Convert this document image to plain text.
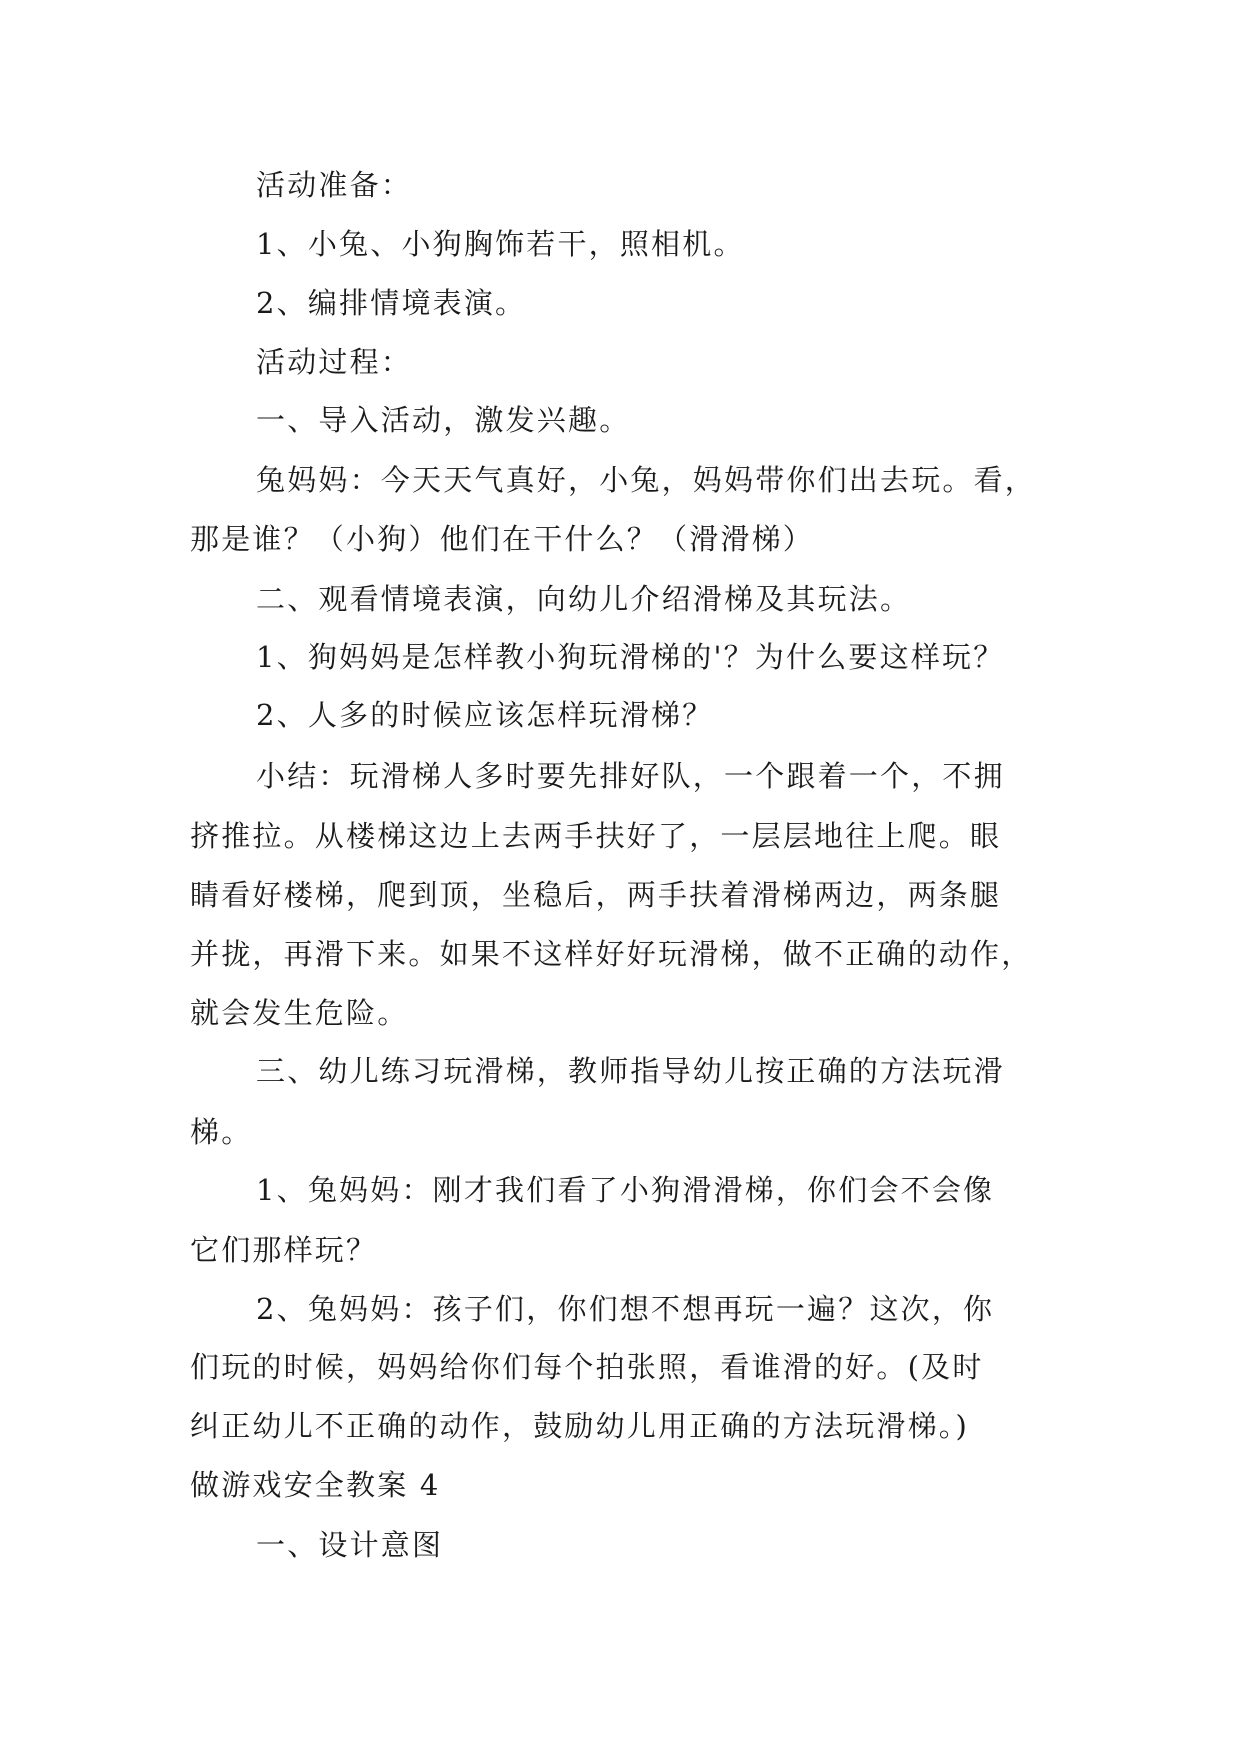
活动准备：

1、小兔、小狗胸饰若干，照相机。

2、编排情境表演。

活动过程：

一、导入活动，激发兴趣。

兔妈妈：今天天气真好，小兔，妈妈带你们出去玩。看，

那是谁？（小狗）他们在干什么？（滑滑梯）

二、观看情境表演，向幼儿介绍滑梯及其玩法。

1、狗妈妈是怎样教小狗玩滑梯的'？为什么要这样玩？

2、人多的时候应该怎样玩滑梯？

小结：玩滑梯人多时要先排好队，一个跟着一个，不拥

挤推拉。从楼梯这边上去两手扶好了，一层层地往上爬。眼

睛看好楼梯，爬到顶，坐稳后，两手扶着滑梯两边，两条腿

并拢，再滑下来。如果不这样好好玩滑梯，做不正确的动作，

就会发生危险。

三、幼儿练习玩滑梯，教师指导幼儿按正确的方法玩滑

梯。

1、兔妈妈：刚才我们看了小狗滑滑梯，你们会不会像

它们那样玩？

2、兔妈妈：孩子们，你们想不想再玩一遍？这次，你

们玩的时候，妈妈给你们每个拍张照，看谁滑的好。(及时

纠正幼儿不正确的动作，鼓励幼儿用正确的方法玩滑梯。)

做游戏安全教案 4

一、设计意图
